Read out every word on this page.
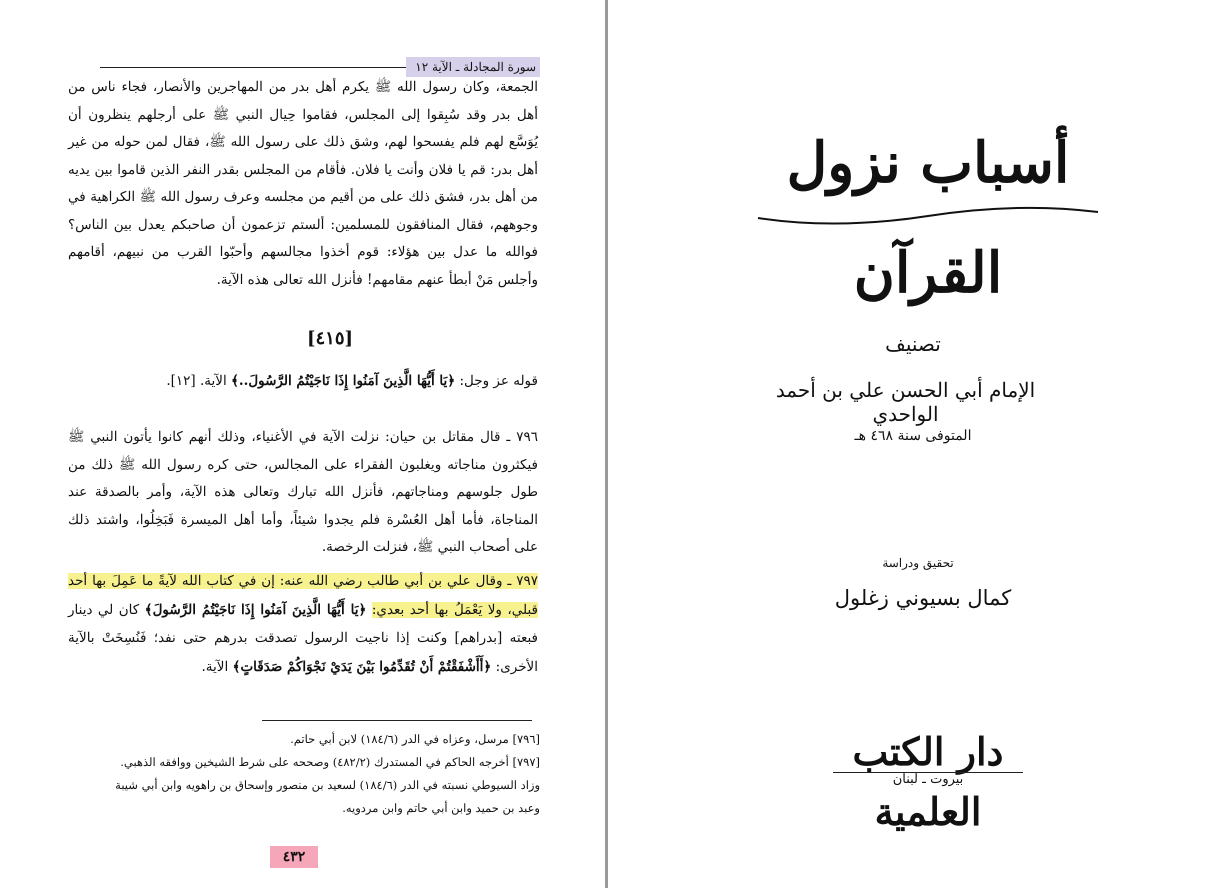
سورة المجادلة ـ الآية ١٢

الجمعة، وكان رسول الله ﷺ يكرم أهل بدر من المهاجرين والأنصار، فجاء ناس من أهل بدر وقد سُبِقوا إلى المجلس، فقاموا حِيال النبي ﷺ على أرجلهم ينظرون أن يُوَسَّع لهم فلم يفسحوا لهم، وشق ذلك على رسول الله ﷺ، فقال لمن حوله من غير أهل بدر: قم يا فلان وأنت يا فلان. فأقام من المجلس بقدر النفر الذين قاموا بين يديه من أهل بدر، فشق ذلك على من أقيم من مجلسه وعرف رسول الله ﷺ الكراهية في وجوههم، فقال المنافقون للمسلمين: ألستم تزعمون أن صاحبكم يعدل بين الناس؟ فوالله ما عدل بين هؤلاء: قوم أخذوا مجالسهم وأحبّوا القرب من نبيهم، أقامهم وأجلس مَنْ أبطأ عنهم مقامهم! فأنزل الله تعالى هذه الآية.

[٤١٥]

قوله عز وجل: ﴿يَا أَيُّهَا الَّذِينَ آمَنُوا إِذَا نَاجَيْتُمُ الرَّسُولَ..﴾ الآية. [١٢].

٧٩٦ ـ قال مقاتل بن حيان: نزلت الآية في الأغنياء، وذلك أنهم كانوا يأتون النبي ﷺ فيكثرون مناجاته ويغلبون الفقراء على المجالس، حتى كره رسول الله ﷺ ذلك من طول جلوسهم ومناجاتهم، فأنزل الله تبارك وتعالى هذه الآية، وأمر بالصدقة عند المناجاة، فأما أهل العُسْرة فلم يجدوا شيئاً، وأما أهل الميسرة فَبَخِلُوا، واشتد ذلك على أصحاب النبي ﷺ، فنزلت الرخصة.

٧٩٧ ـ وقال علي بن أبي طالب رضي الله عنه: إن في كتاب الله لآيةً ما عَمِلَ بها أحد قبلي، ولا يَعْمَلُ بها أحد بعدي: ﴿يَا أَيُّهَا الَّذِينَ آمَنُوا إِذَا نَاجَيْتُمُ الرَّسُولَ﴾ كان لي دينار فبعته [بدراهم] وكنت إذا ناجيت الرسول تصدقت بدرهم حتى نفد؛ فَنُسِخَتْ بالآية الأخرى: ﴿أَأَشْفَقْتُمْ أَنْ تُقَدِّمُوا بَيْنَ يَدَيْ نَجْوَاكُمْ صَدَقَاتٍ﴾ الآية.

[٧٩٦] مرسل، وعزاه في الدر (١٨٤/٦) لابن أبي حاتم.

[٧٩٧] أخرجه الحاكم في المستدرك (٤٨٢/٢) وصححه على شرط الشيخين ووافقه الذهبي.

وزاد السيوطي نسبته في الدر (١٨٤/٦) لسعيد بن منصور وإسحاق بن راهويه وابن أبي شيبة

وعبد بن حميد وابن أبي حاتم وابن مردويه.

٤٣٢
أسباب نزول القرآن
تصنيف
الإمام أبي الحسن علي بن أحمد الواحدي
المتوفى سنة ٤٦٨ هـ
تحقيق ودراسة
كمال بسيوني زغلول
دار الكتب العلمية
بيروت ـ لبنان
